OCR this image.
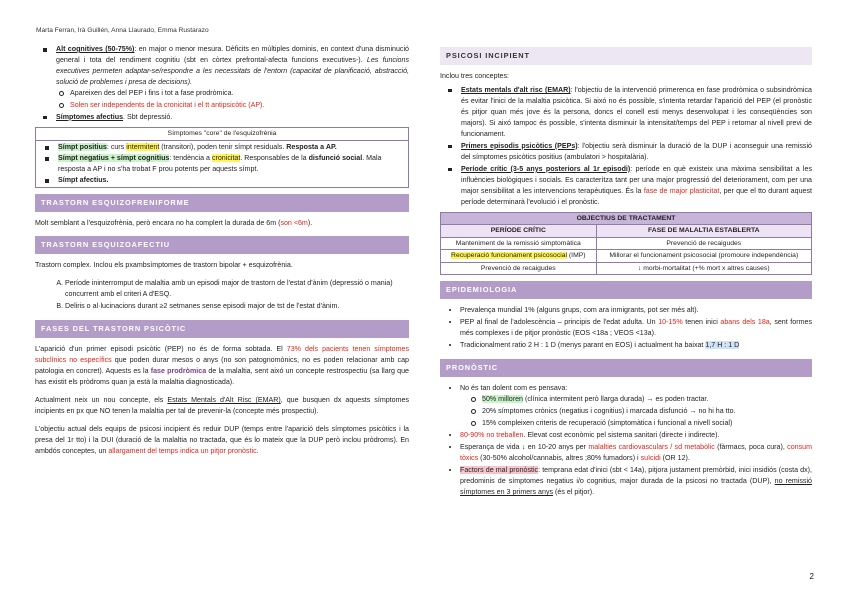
Marta Ferran, Irà Guillén, Anna Llaurado, Emma Rustarazo
Alt cognitives (50-75%): en major o menor mesura. Dèficits en múltiples dominis, en context d'una disminució general i tota del rendiment cognitiu (sbt en còrtex prefrontal-afecta funcions executives-). Les funcions executives permeten adaptar-se/respondre a les necessitats de l'entorn (capacitat de planificació, abstracció, solució de problemes i presa de decisions).
Apareixen des del PEP i fins i tot a fase prodròmica.
Solen ser independents de la cronicitat i el tt antipsicòtic (AP).
Símptomes afectius. Sbt depressió.
Símptomes "core" de l'esquizofrènia
Símpt positius: curs intermitent (transitori), poden tenir símpt residuals. Resposta a AP.
Símpt negatius + símpt cognitius: tendència a cronicitat. Responsables de la disfunció social. Mala resposta a AP i no s'ha trobat F prou potents per aquests símpt.
Símpt afectius.
TRASTORN ESQUIZOFRENIFORME

Molt semblant a l'esquizofrènia, però encara no ha complert la durada de 6m (son <6m).

TRASTORN ESQUIZOAFECTIU

Trastorn complex. Inclou els pxambsímptomes de trastorn bipolar + esquizofrènia.

A. Període ininterromput de malaltia amb un episodi major de trastorn de l'estat d'ànim (depressió o mania) concurrent amb el criteri A d'ESQ.
B. Deliris o al·lucinacions durant ≥2 setmanes sense episodi major de tst de l'estat d'ànim.
FASES DEL TRASTORN PSICÒTIC

L'aparició d'un primer episodi psicòtic (PEP) no és de forma sobtada. El 73% dels pacients tenen símptomes subclínics no específics que poden durar mesos o anys (no son patognomònics, no es poden relacionar amb cap patologia en concret). Aquests es la fase prodròmica de la malaltia, sent aixó un concepte restrospectiu (sa llarg que has existit els pròdroms quan ja està la malaltia diagnosticada).

Actualment neix un nou concepte, els Estats Mentals d'Alt Risc (EMAR), que busquen dx aquests símptomes incipients en px que NO tenen la malaltia per tal de prevenir-la (concepte més prospectiu).

L'objectiu actual dels equips de psicosi incipient és reduir DUP (temps entre l'aparició dels símptomes psicòtics i la presa del 1r tto) i la DUI (duració de la malaltia no tractada, que és lo mateix que la DUP però inclou pròdroms). En ambdós conceptes, un allargament del temps indica un pitjor pronòstic.

PSICOSI INCIPIENT

Inclou tres conceptes:

Estats mentals d'alt risc (EMAR): l'objectiu de la intervenció primerenca en fase prodròmica o subsindròmica és evitar l'inici de la malaltia psicòtica. Si aixó no és possible, s'intenta retardar l'aparició del PEP (el pronòstic és pitjor quan més jove és la persona, doncs el conell esti menys desenvolupat i les conseqüències son majors). Si aixó tampoc és possible, s'intenta disminuir la intensitat/temps del PEP i retornar al nivell previ de funcionament.
Primers episodis psicòtics (PEPs): l'objectiu serà disminuir la duració de la DUP i aconseguir una remissió del símptomes psicòtics positius (ambulatori > hospitalària).
Període crític (3-5 anys posteriors al 1r episodi): període en què existeix una màxima sensibilitat a les influències biològiques i socials. Es caracterítza tant per una major progressió del deteriorament, com per una major sensibilitat a les intervencions terapèutiques. És la fase de major plasticitat, per que el tto durant aquest període determinarà l'evolució i el pronòstic.
OBJECTIUS DE TRACTAMENT	
PERÍODE CRÍTIC	FASE DE MALALTIA ESTABLERTA
Manteniment de la remissió simptomàtica	Prevenció de recaigudes
Recuperació funcionament psicosocial (IMP)	Millorar el funcionament psicosocial (promoure independència)
Prevenció de recaigudes	↓ morbi-mortalitat (+% mort x altres causes)
EPIDEMIOLOGIA
• Prevalença mundial 1% (alguns grups, com ara inmigrants, pot ser més alt).
• PEP al final de l'adolescència – principis de l'edat adulta. Un 10-15% tenen inici abans dels 18a, sent formes més complexes i de pitjor pronòstic (EOS <18a ; VEOS <13a).
• Tradicionalment ratio 2 H : 1 D (menys parant en EOS) i actualment ha baixat 1,7 H : 1 D
PRONÒSTIC
• No és tan dolent com es pensava:
50% milloren (clínica intermitent però llarga durada) → es poden tractar.
20% símptomes crònics (negatius i cognitius) i marcada disfunció → no hi ha tto.
15% compleixen criteris de recuperació (simptomàtica i funcional a nivell social)
• 80-90% no treballen. Elevat cost econòmic pel sistema sanitari (directe i indirecte).
• Esperança de vida ↓ en 10-20 anys per malalties cardiovasculars / sd metabòlic (fàrmacs, poca cura), consum tòxics (30-50% alcohol/cannabis, altres ;80% fumadors) i suïcidi (OR 12).
• Factors de mal pronòstic: temprana edat d'inici (sbt < 14a), pitjora justament premòrbid, inici insidiós (costa dx), predominis de símptomes negatius i/o cognitius, major durada de la psicosi no tractada (DUP), no remissió símptomes en 3 primers anys (és el pitjor).
2
